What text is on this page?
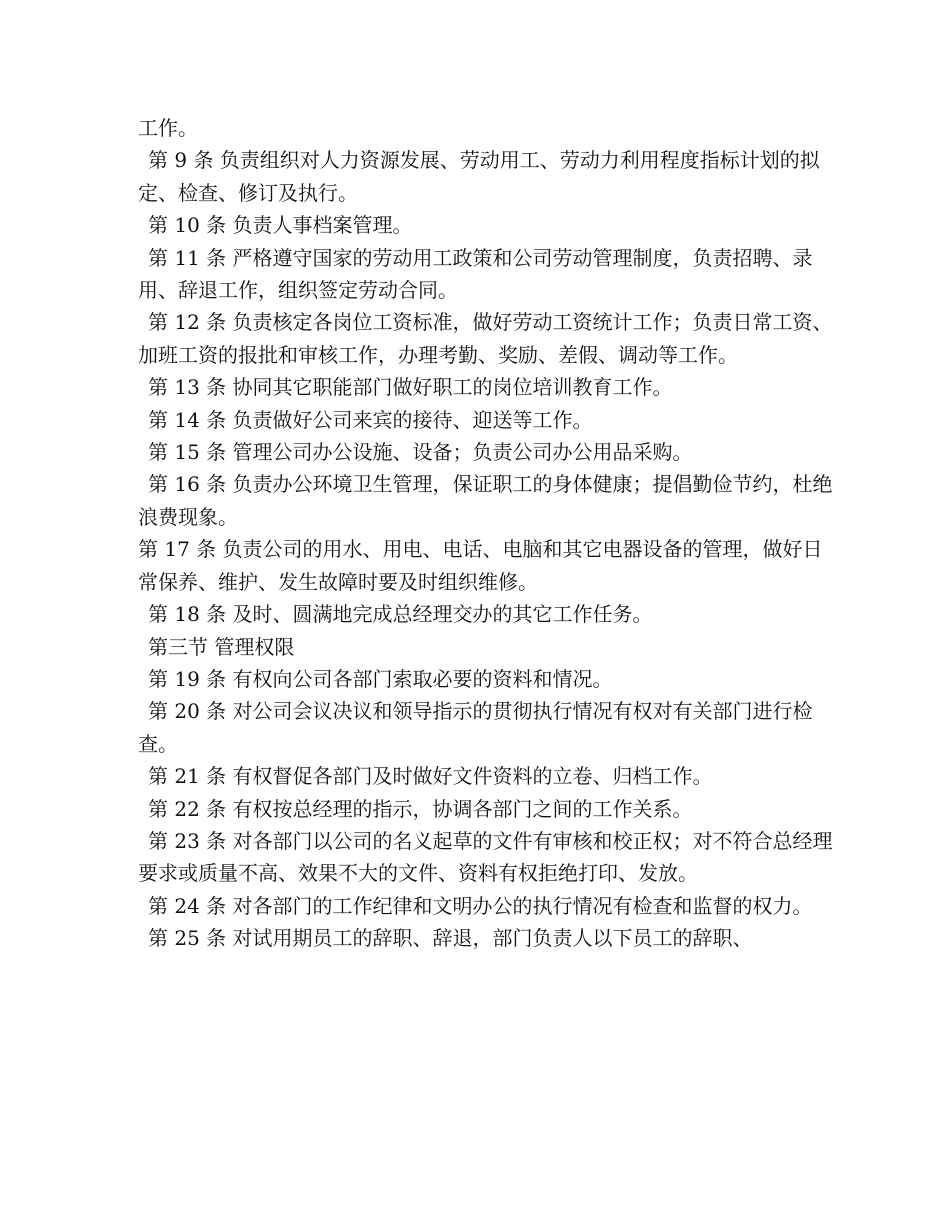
工作。

第 9 条 负责组织对人力资源发展、劳动用工、劳动力利用程度指标计划的拟定、检查、修订及执行。

第 10 条 负责人事档案管理。

第 11 条 严格遵守国家的劳动用工政策和公司劳动管理制度，负责招聘、录用、辞退工作，组织签定劳动合同。

第 12 条 负责核定各岗位工资标准，做好劳动工资统计工作；负责日常工资、加班工资的报批和审核工作，办理考勤、奖励、差假、调动等工作。

第 13 条 协同其它职能部门做好职工的岗位培训教育工作。

第 14 条 负责做好公司来宾的接待、迎送等工作。

第 15 条 管理公司办公设施、设备；负责公司办公用品采购。

第 16 条 负责办公环境卫生管理，保证职工的身体健康；提倡勤俭节约，杜绝浪费现象。

第 17 条 负责公司的用水、用电、电话、电脑和其它电器设备的管理，做好日常保养、维护、发生故障时要及时组织维修。

第 18 条 及时、圆满地完成总经理交办的其它工作任务。

第三节 管理权限

第 19 条 有权向公司各部门索取必要的资料和情况。

第 20 条 对公司会议决议和领导指示的贯彻执行情况有权对有关部门进行检查。

第 21 条 有权督促各部门及时做好文件资料的立卷、归档工作。

第 22 条 有权按总经理的指示，协调各部门之间的工作关系。

第 23 条 对各部门以公司的名义起草的文件有审核和校正权；对不符合总经理要求或质量不高、效果不大的文件、资料有权拒绝打印、发放。

第 24 条 对各部门的工作纪律和文明办公的执行情况有检查和监督的权力。

第 25 条 对试用期员工的辞职、辞退，部门负责人以下员工的辞职、
